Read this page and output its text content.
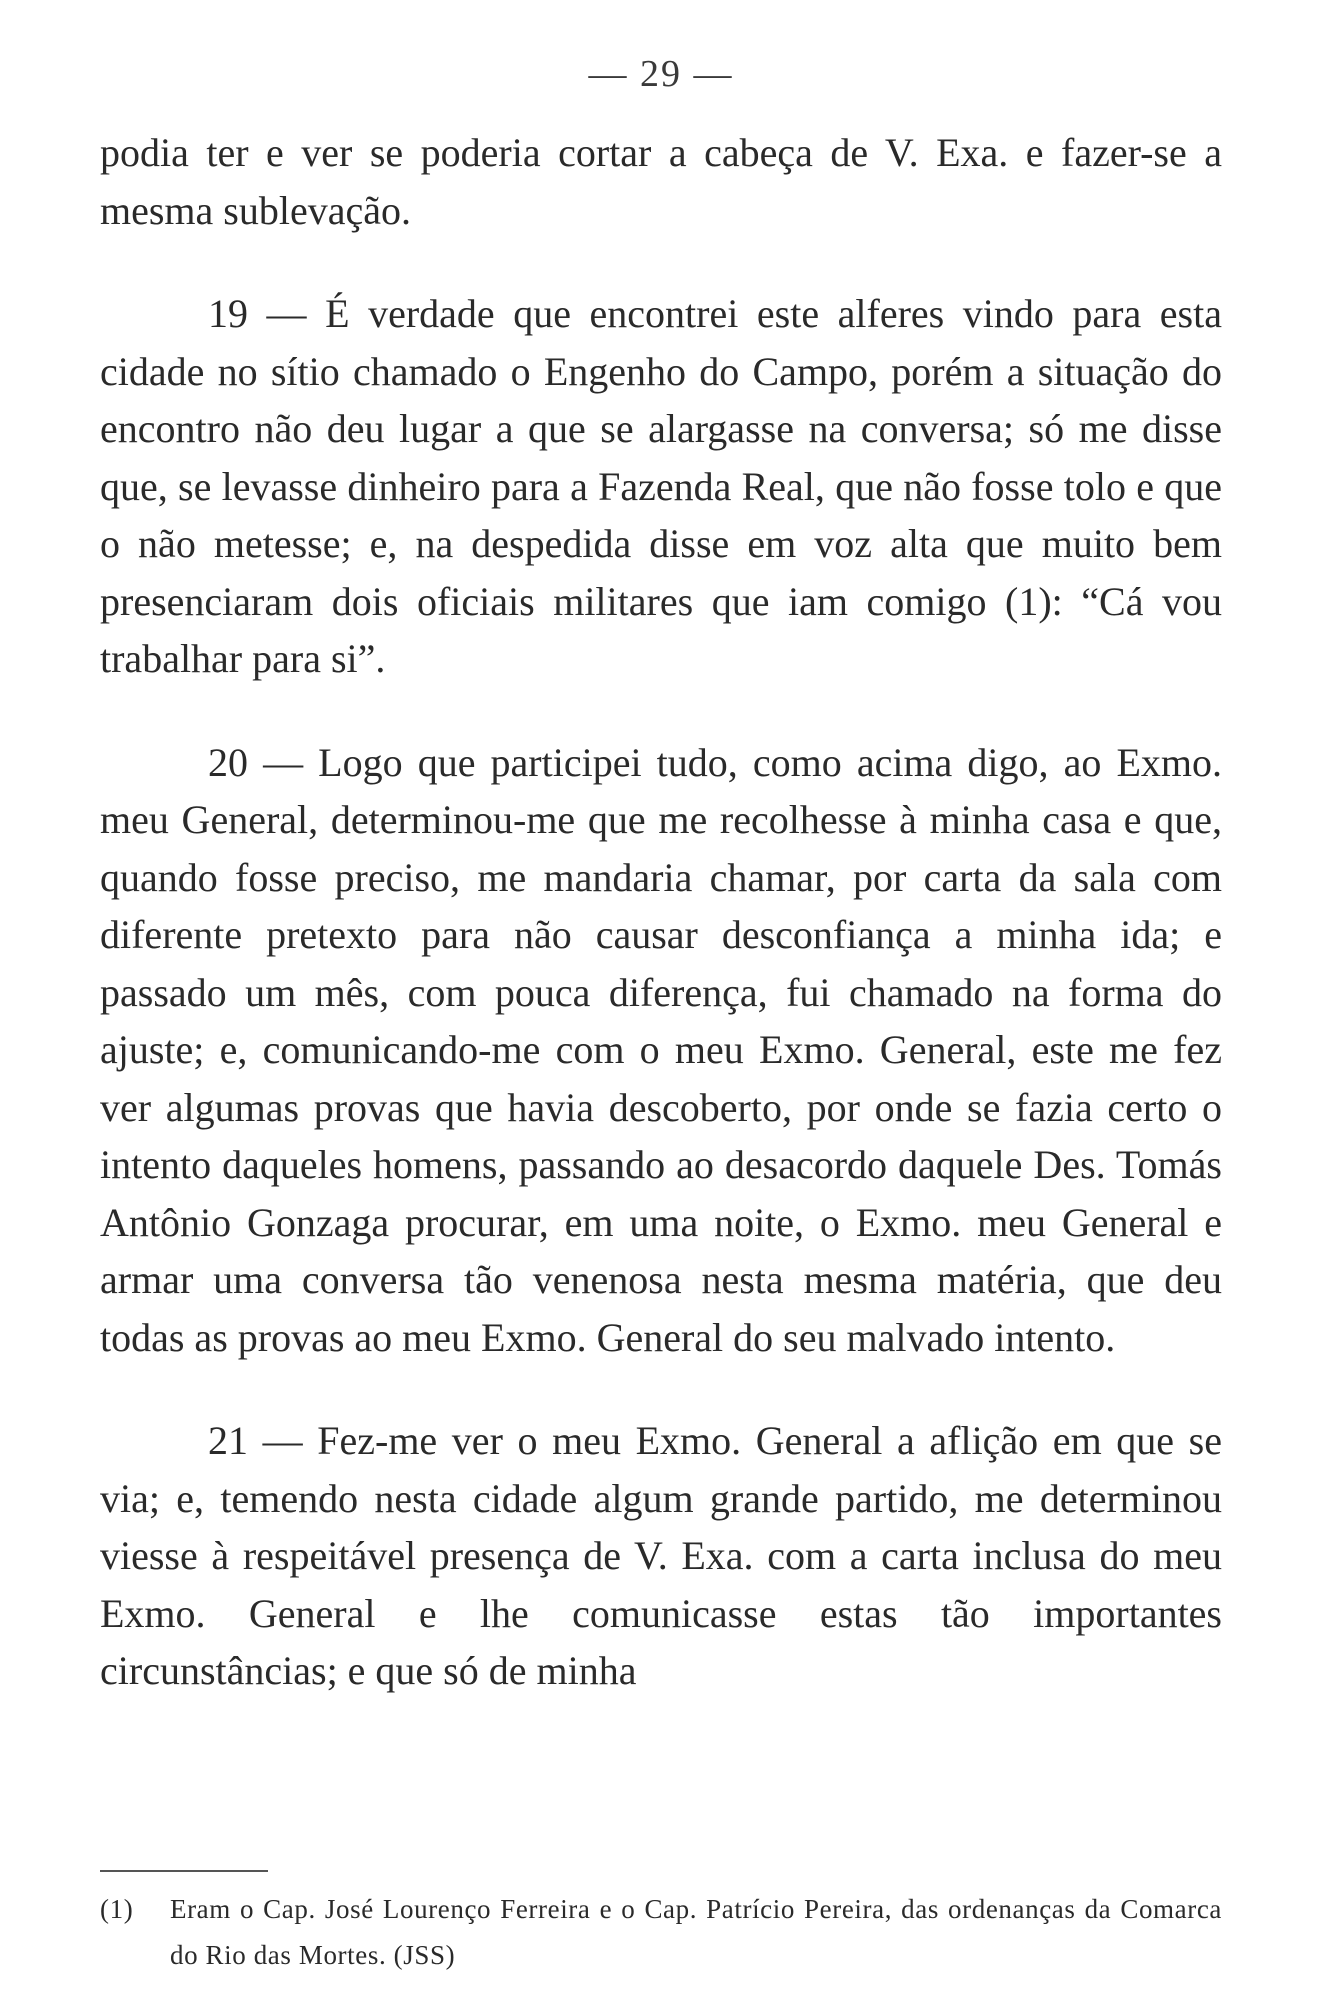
— 29 —

podia ter e ver se poderia cortar a cabeça de V. Exa. e fazer-se a mesma sublevação.

19 — É verdade que encontrei este alferes vindo para esta cidade no sítio chamado o Engenho do Campo, porém a situação do encontro não deu lugar a que se alargasse na conversa; só me disse que, se levasse dinheiro para a Fazenda Real, que não fosse tolo e que o não metesse; e, na despedida disse em voz alta que muito bem presenciaram dois oficiais militares que iam comigo (1): “Cá vou trabalhar para si”.

20 — Logo que participei tudo, como acima digo, ao Exmo. meu General, determinou-me que me recolhesse à minha casa e que, quando fosse preciso, me mandaria chamar, por carta da sala com diferente pretexto para não causar desconfiança a minha ida; e passado um mês, com pouca diferença, fui chamado na forma do ajuste; e, comunicando-me com o meu Exmo. General, este me fez ver algumas provas que havia descoberto, por onde se fazia certo o intento daqueles homens, passando ao desacordo daquele Des. Tomás Antônio Gonzaga procurar, em uma noite, o Exmo. meu General e armar uma conversa tão venenosa nesta mesma matéria, que deu todas as provas ao meu Exmo. General do seu malvado intento.

21 — Fez-me ver o meu Exmo. General a aflição em que se via; e, temendo nesta cidade algum grande partido, me determinou viesse à respeitável presença de V. Exa. com a carta inclusa do meu Exmo. General e lhe comunicasse estas tão importantes circunstâncias; e que só de minha

(1) Eram o Cap. José Lourenço Ferreira e o Cap. Patrício Pereira, das ordenanças da Comarca do Rio das Mortes. (JSS)
